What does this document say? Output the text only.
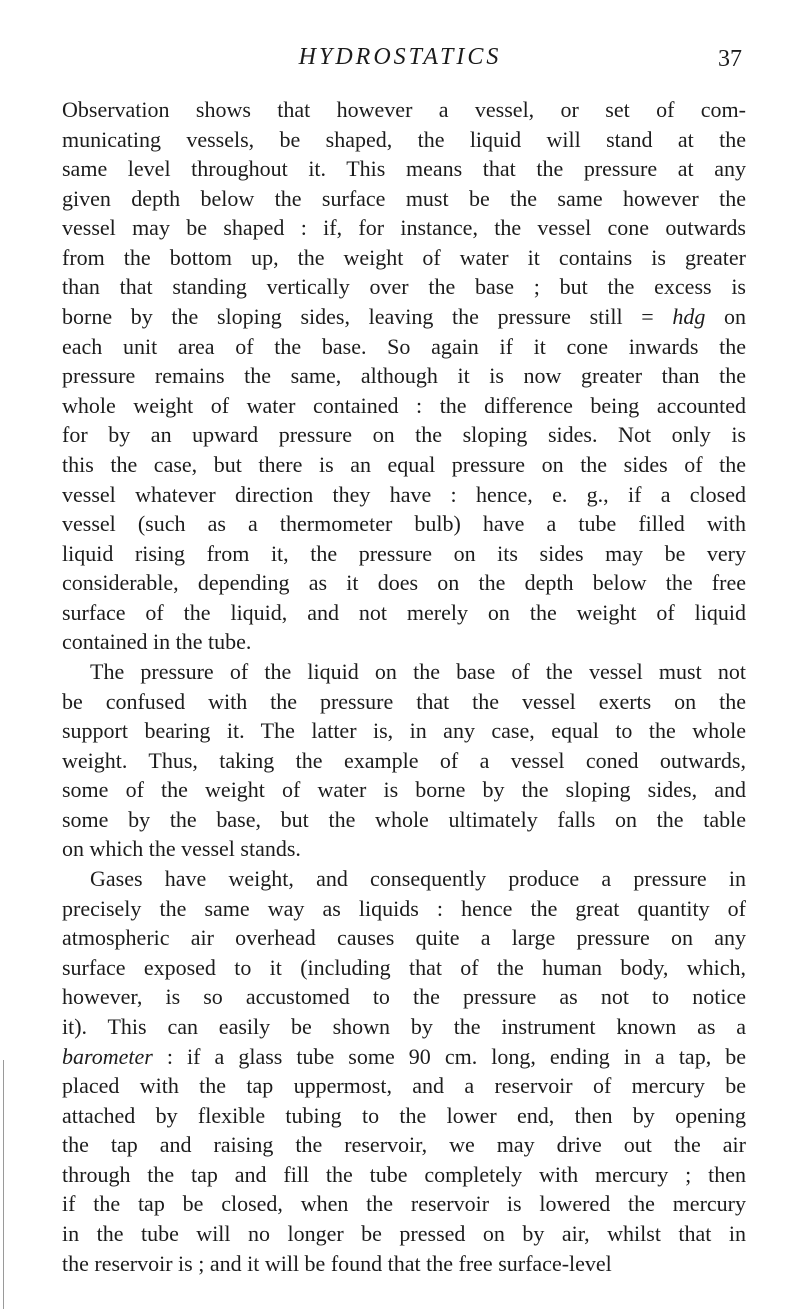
HYDROSTATICS	37
Observation shows that however a vessel, or set of com-
municating vessels, be shaped, the liquid will stand at the
same level throughout it. This means that the pressure at any
given depth below the surface must be the same however the
vessel may be shaped : if, for instance, the vessel cone outwards
from the bottom up, the weight of water it contains is greater
than that standing vertically over the base ; but the excess is
borne by the sloping sides, leaving the pressure still = hdg on
each unit area of the base. So again if it cone inwards the
pressure remains the same, although it is now greater than the
whole weight of water contained : the difference being accounted
for by an upward pressure on the sloping sides. Not only is
this the case, but there is an equal pressure on the sides of the
vessel whatever direction they have : hence, e. g., if a closed
vessel (such as a thermometer bulb) have a tube filled with
liquid rising from it, the pressure on its sides may be very
considerable, depending as it does on the depth below the free
surface of the liquid, and not merely on the weight of liquid
contained in the tube.
The pressure of the liquid on the base of the vessel must not
be confused with the pressure that the vessel exerts on the
support bearing it. The latter is, in any case, equal to the whole
weight. Thus, taking the example of a vessel coned outwards,
some of the weight of water is borne by the sloping sides, and
some by the base, but the whole ultimately falls on the table
on which the vessel stands.
Gases have weight, and consequently produce a pressure in
precisely the same way as liquids : hence the great quantity of
atmospheric air overhead causes quite a large pressure on any
surface exposed to it (including that of the human body, which,
however, is so accustomed to the pressure as not to notice
it). This can easily be shown by the instrument known as a
barometer : if a glass tube some 90 cm. long, ending in a tap, be
placed with the tap uppermost, and a reservoir of mercury be
attached by flexible tubing to the lower end, then by opening
the tap and raising the reservoir, we may drive out the air
through the tap and fill the tube completely with mercury ; then
if the tap be closed, when the reservoir is lowered the mercury
in the tube will no longer be pressed on by air, whilst that in
the reservoir is ; and it will be found that the free surface-level
